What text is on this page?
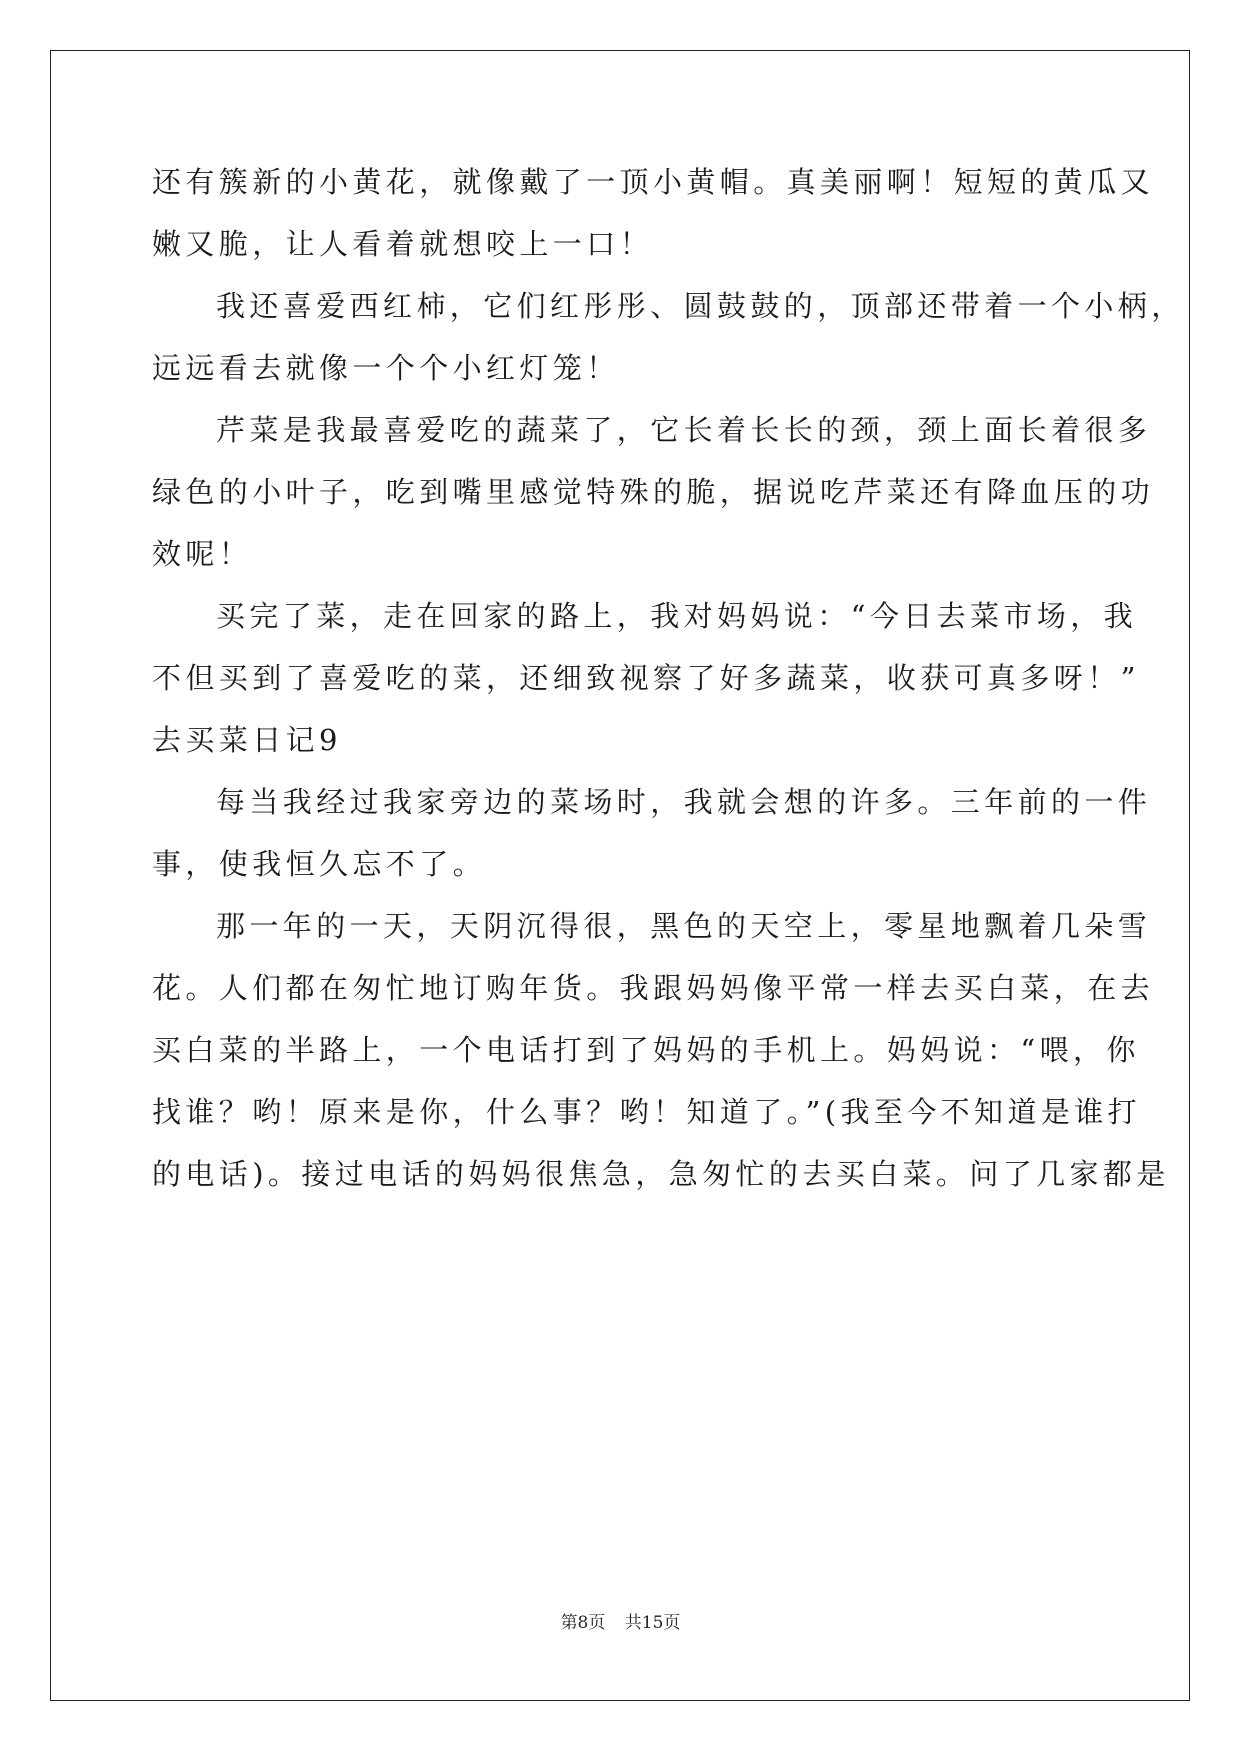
还有簇新的小黄花，就像戴了一顶小黄帽。真美丽啊！短短的黄瓜又
嫩又脆，让人看着就想咬上一口！
我还喜爱西红柿，它们红彤彤、圆鼓鼓的，顶部还带着一个小柄，
远远看去就像一个个小红灯笼！
芹菜是我最喜爱吃的蔬菜了，它长着长长的颈，颈上面长着很多
绿色的小叶子，吃到嘴里感觉特殊的脆，据说吃芹菜还有降血压的功
效呢！
买完了菜，走在回家的路上，我对妈妈说：“今日去菜市场，我
不但买到了喜爱吃的菜，还细致视察了好多蔬菜，收获可真多呀！”
去买菜日记9
每当我经过我家旁边的菜场时，我就会想的许多。三年前的一件
事，使我恒久忘不了。
那一年的一天，天阴沉得很，黑色的天空上，零星地飘着几朵雪
花。人们都在匆忙地订购年货。我跟妈妈像平常一样去买白菜，在去
买白菜的半路上，一个电话打到了妈妈的手机上。妈妈说：“喂，你
找谁？哟！原来是你，什么事？哟！知道了。”(我至今不知道是谁打
的电话)。接过电话的妈妈很焦急，急匆忙的去买白菜。问了几家都是
第8页 共15页
